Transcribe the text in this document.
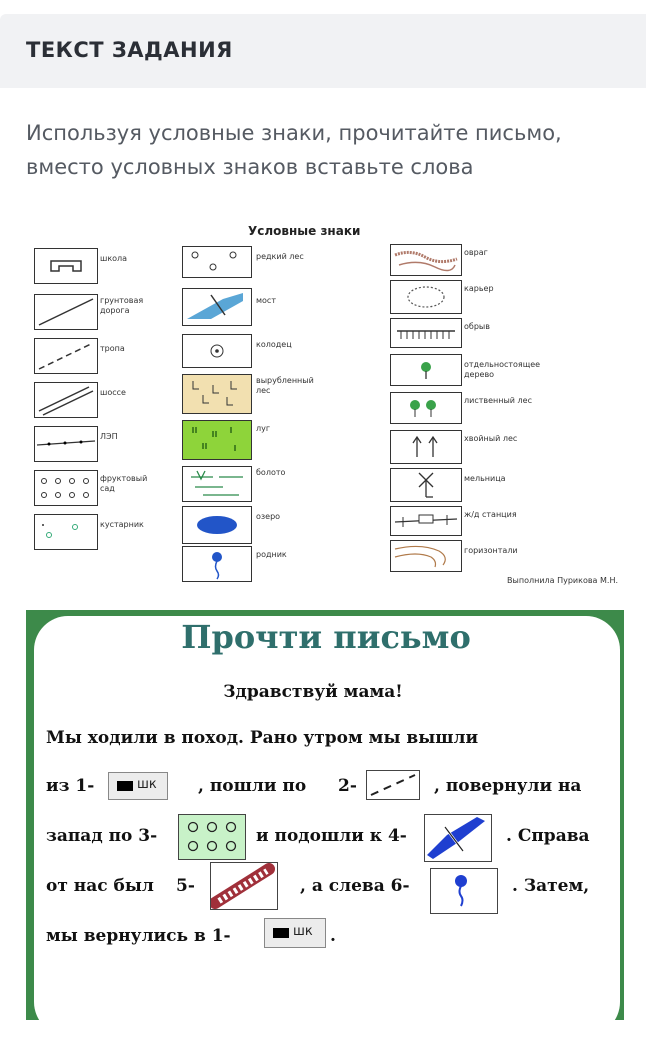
ТЕКСТ ЗАДАНИЯ
Используя условные знаки, прочитайте письмо, вместо условных знаков вставьте слова
Условные знаки
школа
грунтовая дорога
тропа
шоссе
ЛЭП
фруктовый сад
кустарник
редкий лес
мост
колодец
вырубленный лес
луг
болото
озеро
родник
овраг
карьер
обрыв
отдельностоящее дерево
лиственный лес
хвойный лес
мельница
ж/д станция
горизонтали
Выполнила Пурикова М.Н.
Прочти письмо
Здравствуй мама!
Мы ходили в поход. Рано утром мы вышли
из 1-	шк , пошли по 2-	, повернули на
запад по 3-	и подошли к 4-	. Справа
от нас был 5-	, а слева 6-	. Затем,
мы вернулись в 1-	шк .
